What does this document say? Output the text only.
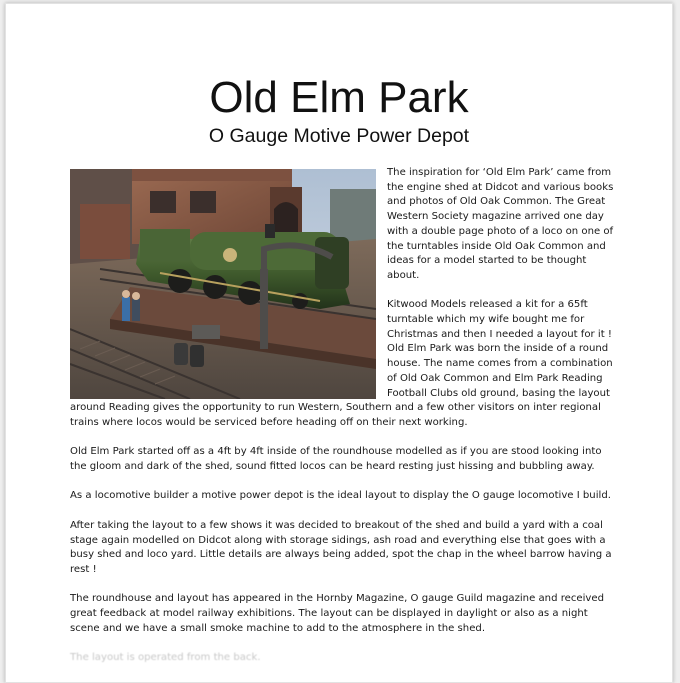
Old Elm Park
O Gauge Motive Power Depot

The inspiration for ‘Old Elm Park’ came from the engine shed at Didcot and various books and photos of Old Oak Common. The Great Western Society magazine arrived one day with a double page photo of a loco on one of the turntables inside Old Oak Common and ideas for a model started to be thought about.

Kitwood Models released a kit for a 65ft turntable which my wife bought me for Christmas and then I needed a layout for it ! Old Elm Park was born the inside of a round house. The name comes from a combination of Old Oak Common and Elm Park Reading Football Clubs old ground, basing the layout around Reading gives the opportunity to run Western, Southern and a few other visitors on inter regional trains where locos would be serviced before heading off on their next working.

Old Elm Park started off as a 4ft by 4ft inside of the roundhouse modelled as if you are stood looking into the gloom and dark of the shed, sound fitted locos can be heard resting just hissing and bubbling away.

As a locomotive builder a motive power depot is the ideal layout to display the O gauge locomotive I build.

After taking the layout to a few shows it was decided to breakout of the shed and build a yard with a coal stage again modelled on Didcot along with storage sidings, ash road and everything else that goes with a busy shed and loco yard. Little details are always being added, spot the chap in the wheel barrow having a rest !

The roundhouse and layout has appeared in the Hornby Magazine, O gauge Guild magazine and received great feedback at model railway exhibitions. The layout can be displayed in daylight or also as a night scene and we have a small smoke machine to add to the atmosphere in the shed.

The layout is operated from the back.
